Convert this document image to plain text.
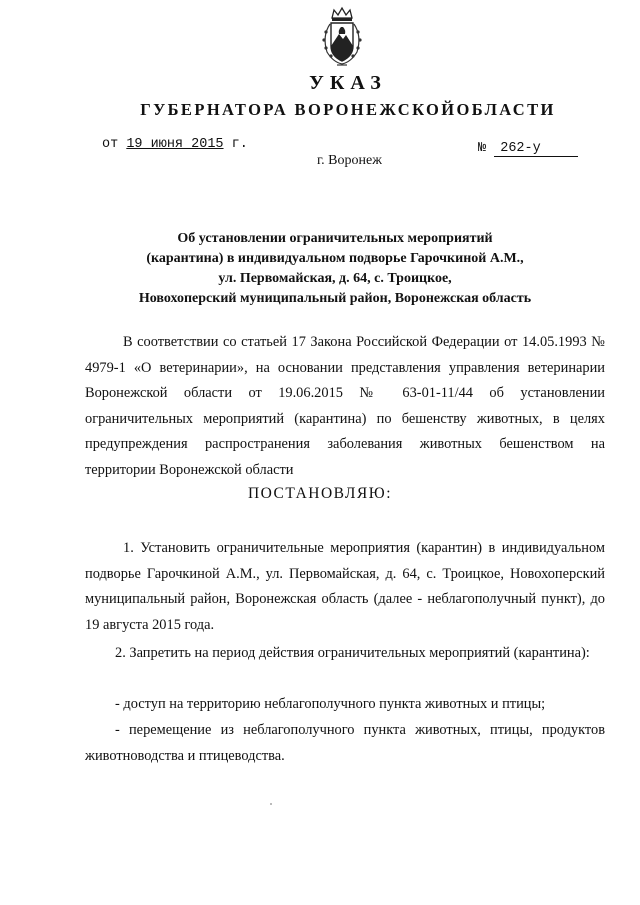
УКАЗ
ГУБЕРНАТОРА ВОРОНЕЖСКОЙОБЛАСТИ
от 19 июня 2015 г.	№ 262-у
г. Воронеж
Об установлении ограничительных мероприятий
(карантина) в индивидуальном подворье Гарочкиной А.М.,
ул. Первомайская, д. 64, с. Троицкое,
Новохоперский муниципальный район, Воронежская область
В соответствии со статьей 17 Закона Российской Федерации от 14.05.1993 № 4979-1 «О ветеринарии», на основании представления управления ветеринарии Воронежской области от 19.06.2015 № 63-01-11/44 об установлении ограничительных мероприятий (карантина) по бешенству животных, в целях предупреждения распространения заболевания животных бешенством на территории Воронежской области
ПОСТАНОВЛЯЮ:
1. Установить ограничительные мероприятия (карантин) в индивидуальном подворье Гарочкиной А.М., ул. Первомайская, д. 64, с. Троицкое, Новохоперский муниципальный район, Воронежская область (далее - неблагополучный пункт), до 19 августа 2015 года.
2. Запретить на период действия ограничительных мероприятий (карантина):
- доступ на территорию неблагополучного пункта животных и птицы;
- перемещение из неблагополучного пункта животных, птицы, продуктов животноводства и птицеводства.
